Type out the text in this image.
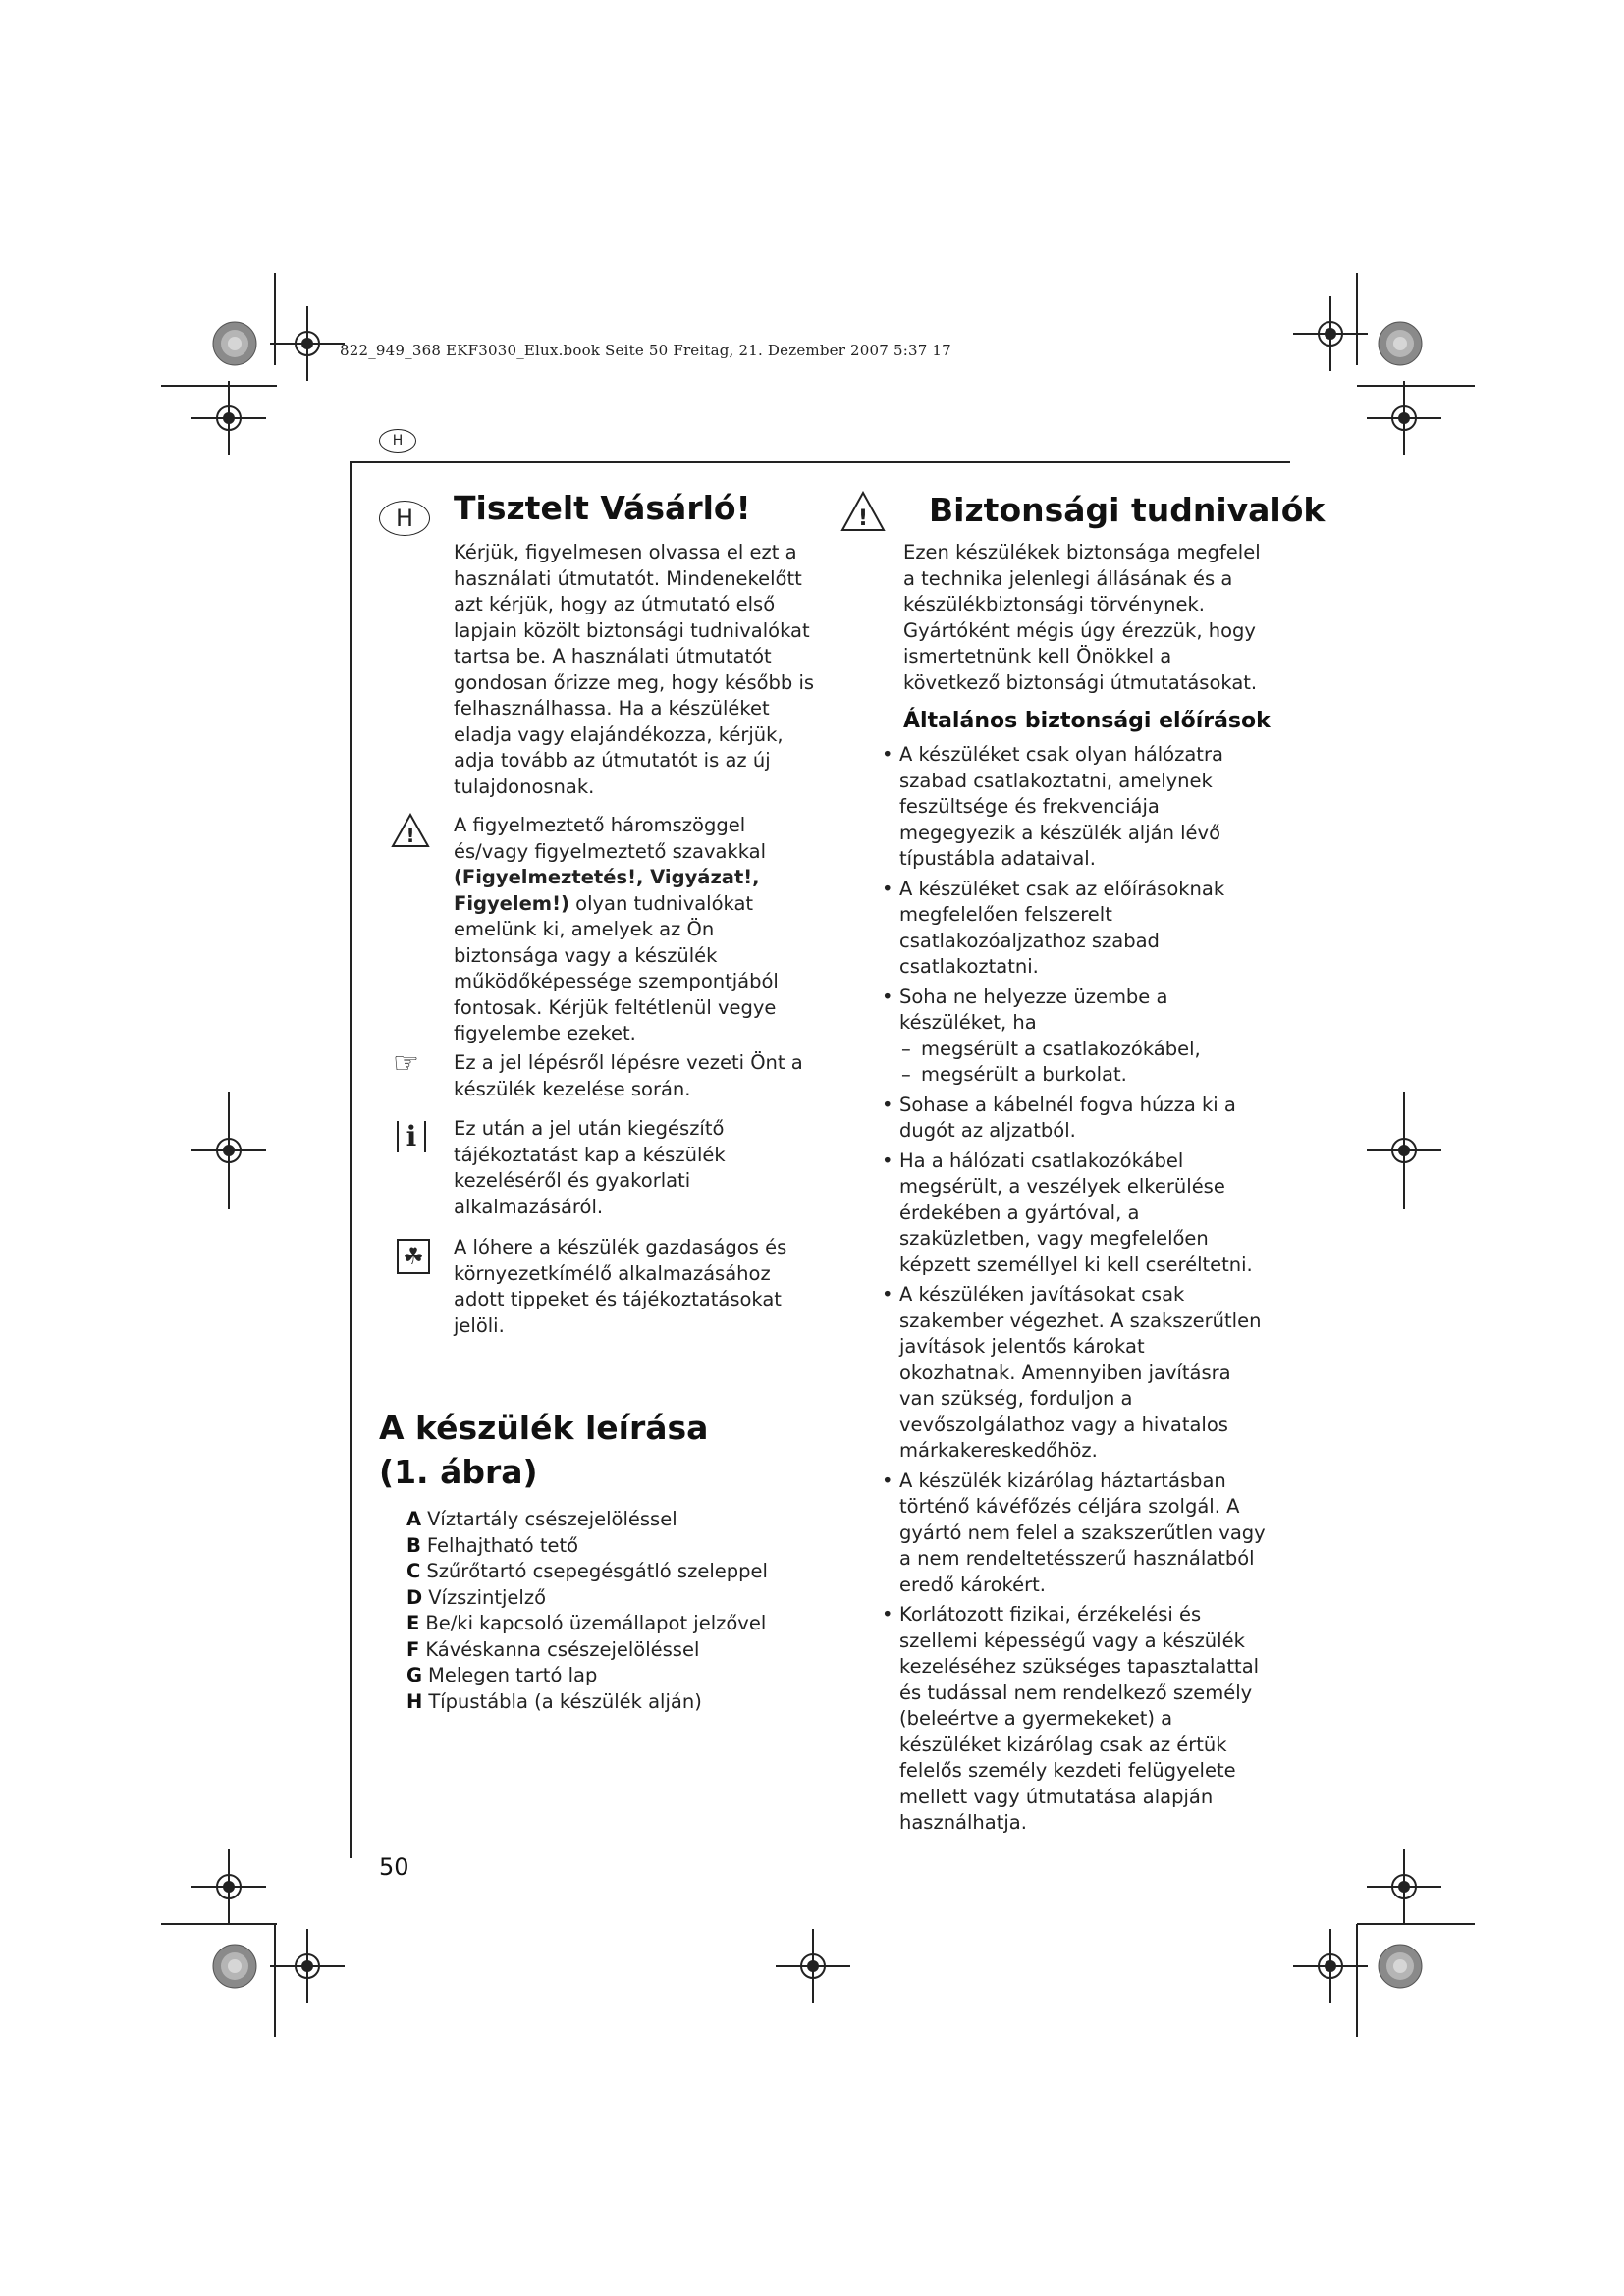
822_949_368 EKF3030_Elux.book Seite 50 Freitag, 21. Dezember 2007 5:37 17
H
H	Tisztelt Vásárló!
Kérjük, figyelmesen olvassa el ezt a használati útmutatót. Mindenekelőtt azt kérjük, hogy az útmutató első lapjain közölt biztonsági tudnivalókat tartsa be. A használati útmutatót gondosan őrizze meg, hogy később is felhasználhassa. Ha a készüléket eladja vagy elajándékozza, kérjük, adja tovább az útmutatót is az új tulajdonosnak.
! A figyelmeztető háromszöggel és/vagy figyelmeztető szavakkal (Figyelmeztetés!, Vigyázat!, Figyelem!) olyan tudnivalókat emelünk ki, amelyek az Ön biztonsága vagy a készülék működőképessége szempontjából fontosak. Kérjük feltétlenül vegye figyelembe ezeket.
☞ Ez a jel lépésről lépésre vezeti Önt a készülék kezelése során.
i	Ez után a jel után kiegészítő tájékoztatást kap a készülék kezeléséről és gyakorlati alkalmazásáról.
☘	A lóhere a készülék gazdaságos és környezetkímélő alkalmazásához adott tippeket és tájékoztatásokat jelöli.
A készülék leírása
(1. ábra)
A Víztartály csészejelöléssel
B Felhajtható tető
C Szűrőtartó csepegésgátló szeleppel
D Vízszintjelző
E Be/ki kapcsoló üzemállapot jelzővel
F Kávéskanna csészejelöléssel
G Melegen tartó lap
H Típustábla (a készülék alján)
50
! Biztonsági tudnivalók
Ezen készülékek biztonsága megfelel a technika jelenlegi állásának és a készülékbiztonsági törvénynek. Gyártóként mégis úgy érezzük, hogy ismertetnünk kell Önökkel a következő biztonsági útmutatásokat.
Általános biztonsági előírások
• A készüléket csak olyan hálózatra szabad csatlakoztatni, amelynek feszültsége és frekvenciája megegyezik a készülék alján lévő típustábla adataival.
• A készüléket csak az előírásoknak megfelelően felszerelt csatlakozóaljzathoz szabad csatlakoztatni.
• Soha ne helyezze üzembe a készüléket, ha
– megsérült a csatlakozókábel,
– megsérült a burkolat.
• Sohase a kábelnél fogva húzza ki a dugót az aljzatból.
• Ha a hálózati csatlakozókábel megsérült, a veszélyek elkerülése érdekében a gyártóval, a szaküzletben, vagy megfelelően képzett személlyel ki kell cseréltetni.
• A készüléken javításokat csak szakember végezhet. A szakszerűtlen javítások jelentős károkat okozhatnak. Amennyiben javításra van szükség, forduljon a vevőszolgálathoz vagy a hivatalos márkakereskedőhöz.
• A készülék kizárólag háztartásban történő kávéfőzés céljára szolgál. A gyártó nem felel a szakszerűtlen vagy a nem rendeltetésszerű használatból eredő károkért.
• Korlátozott fizikai, érzékelési és szellemi képességű vagy a készülék kezeléséhez szükséges tapasztalattal és tudással nem rendelkező személy (beleértve a gyermekeket) a készüléket kizárólag csak az értük felelős személy kezdeti felügyelete mellett vagy útmutatása alapján használhatja.
